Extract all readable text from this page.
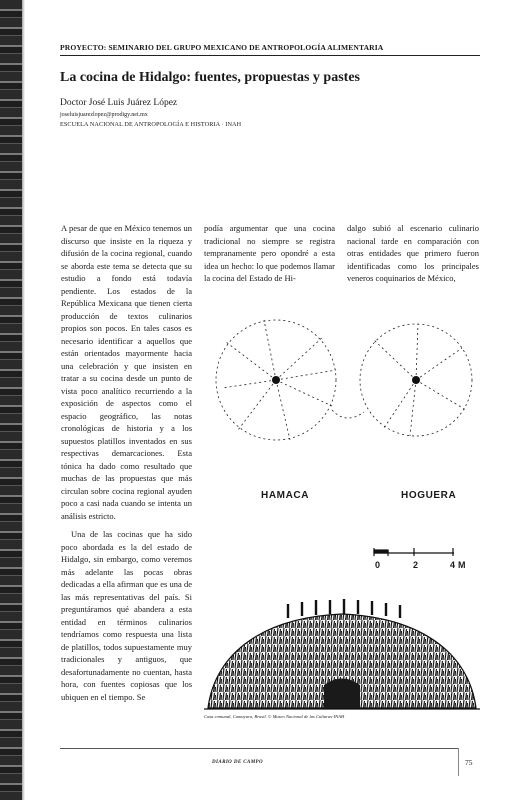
PROYECTO: SEMINARIO DEL GRUPO MEXICANO DE ANTROPOLOGÍA ALIMENTARIA
La cocina de Hidalgo: fuentes, propuestas y pastes
Doctor José Luis Juárez López
joseluisjuarezlopez@prodigy.net.mx
ESCUELA NACIONAL DE ANTROPOLOGÍA E HISTORIA · INAH

A pesar de que en México tenemos un discurso que insiste en la riqueza y difusión de la cocina regional, cuando se aborda este tema se detecta que su estudio a fondo está todavía pendiente. Los estados de la República Mexicana que tienen cierta producción de textos culinarios propios son pocos. En tales casos es necesario identificar a aquellos que están orientados mayormente hacia una celebración y que insisten en tratar a su cocina desde un punto de vista poco analítico recurriendo a la exposición de aspectos como el espacio geográfico, las notas cronológicas de historia y a los supuestos platillos inventados en sus respectivas demarcaciones. Esta tónica ha dado como resultado que muchas de las propuestas que más circulan sobre cocina regional ayuden poco a casi nada cuando se intenta un análisis estricto.

Una de las cocinas que ha sido poco abordada es la del estado de Hidalgo, sin embargo, como veremos más adelante las pocas obras dedicadas a ella afirman que es una de las más representativas del país. Si preguntáramos qué abandera a esta entidad en términos culinarios tendríamos como respuesta una lista de platillos, todos supuestamente muy tradicionales y antiguos, que desafortunadamente no cuentan, hasta hora, con fuentes copiosas que los ubiquen en el tiempo. Se

podía argumentar que una cocina tradicional no siempre se registra tempranamente pero opondré a esta idea un hecho: lo que podemos llamar la cocina del Estado de Hi-

dalgo subió al escenario culinario nacional tarde en comparación con otras entidades que primero fueron identificadas como los principales veneros coquinarios de México,

HAMACA	HOGUERA
0	2	4 M
Casa comunal, Camayura, Brasil. © Museo Nacional de las Culturas-INAH
DIARIO DE CAMPO	75
